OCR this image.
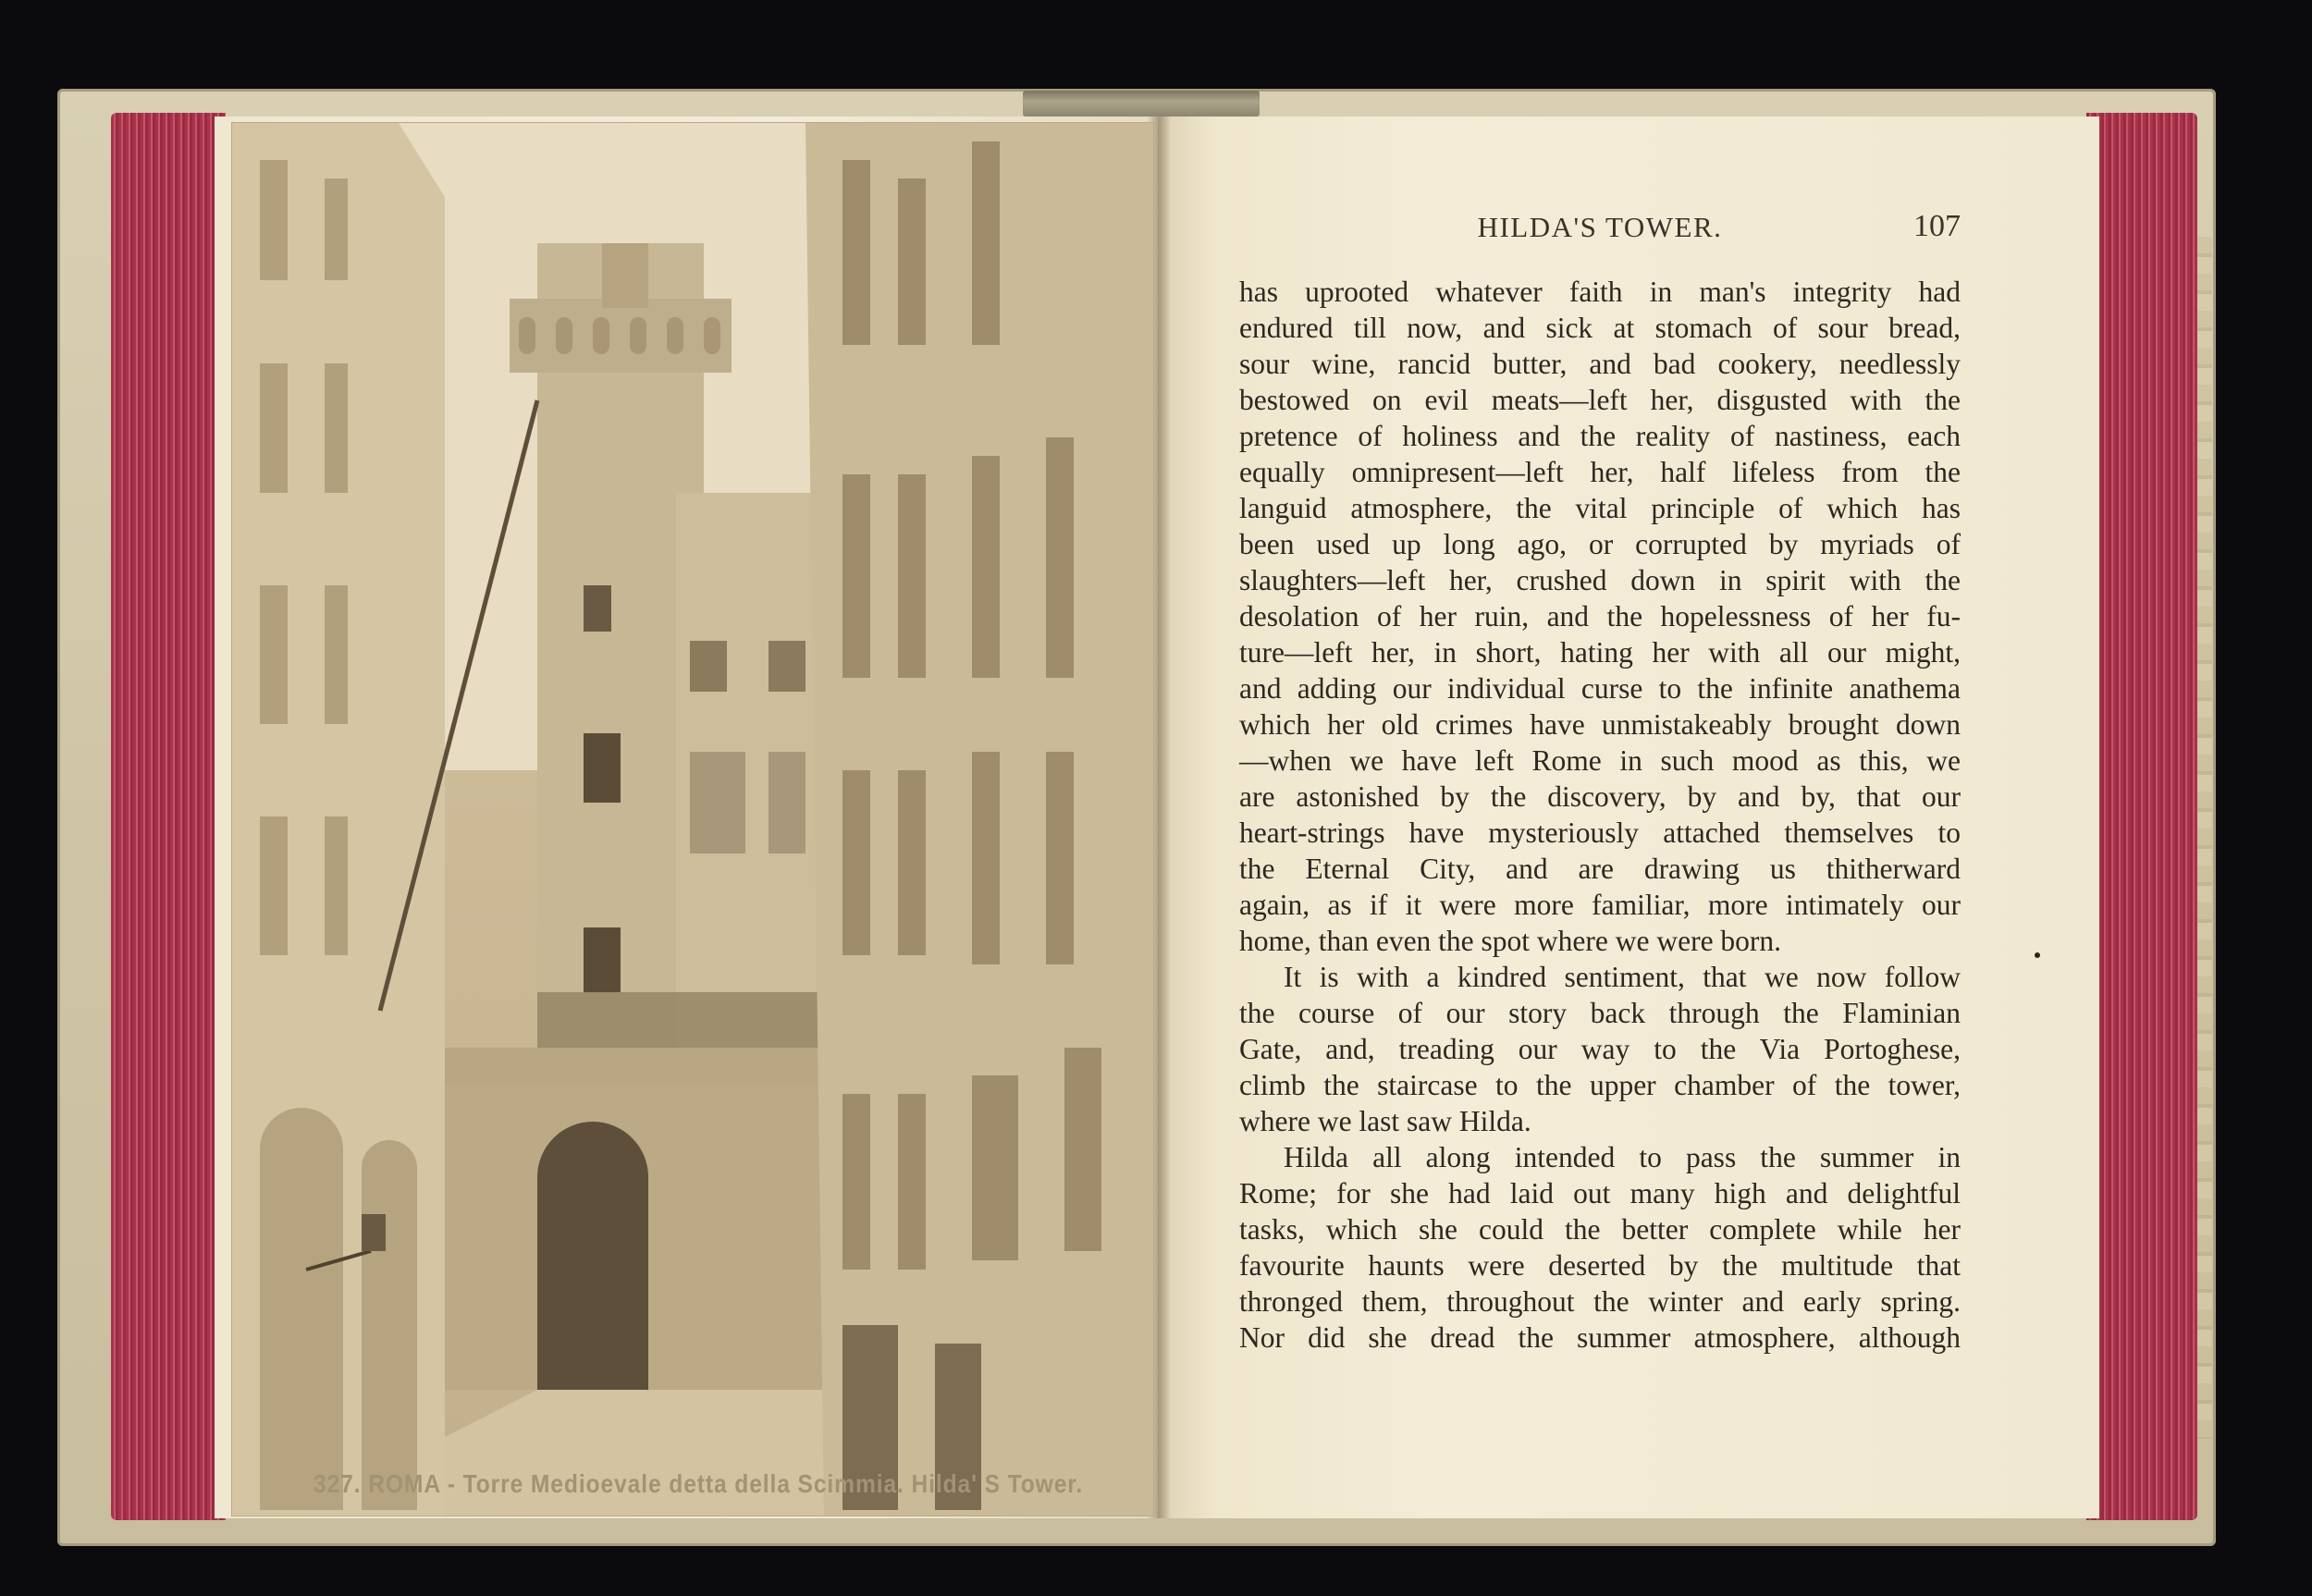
327. ROMA - Torre Medioevale detta della Scimmia. Hilda' S Tower.
HILDA'S TOWER.	107
has uprooted whatever faith in man's integrity had
endured till now, and sick at stomach of sour bread,
sour wine, rancid butter, and bad cookery, needlessly
bestowed on evil meats—left her, disgusted with the
pretence of holiness and the reality of nastiness, each
equally omnipresent—left her, half lifeless from the
languid atmosphere, the vital principle of which has
been used up long ago, or corrupted by myriads of
slaughters—left her, crushed down in spirit with the
desolation of her ruin, and the hopelessness of her fu-
ture—left her, in short, hating her with all our might,
and adding our individual curse to the infinite anathema
which her old crimes have unmistakeably brought down
—when we have left Rome in such mood as this, we
are astonished by the discovery, by and by, that our
heart-strings have mysteriously attached themselves to
the Eternal City, and are drawing us thitherward
again, as if it were more familiar, more intimately our
home, than even the spot where we were born.
It is with a kindred sentiment, that we now follow
the course of our story back through the Flaminian
Gate, and, treading our way to the Via Portoghese,
climb the staircase to the upper chamber of the tower,
where we last saw Hilda.
Hilda all along intended to pass the summer in
Rome; for she had laid out many high and delightful
tasks, which she could the better complete while her
favourite haunts were deserted by the multitude that
thronged them, throughout the winter and early spring.
Nor did she dread the summer atmosphere, although
